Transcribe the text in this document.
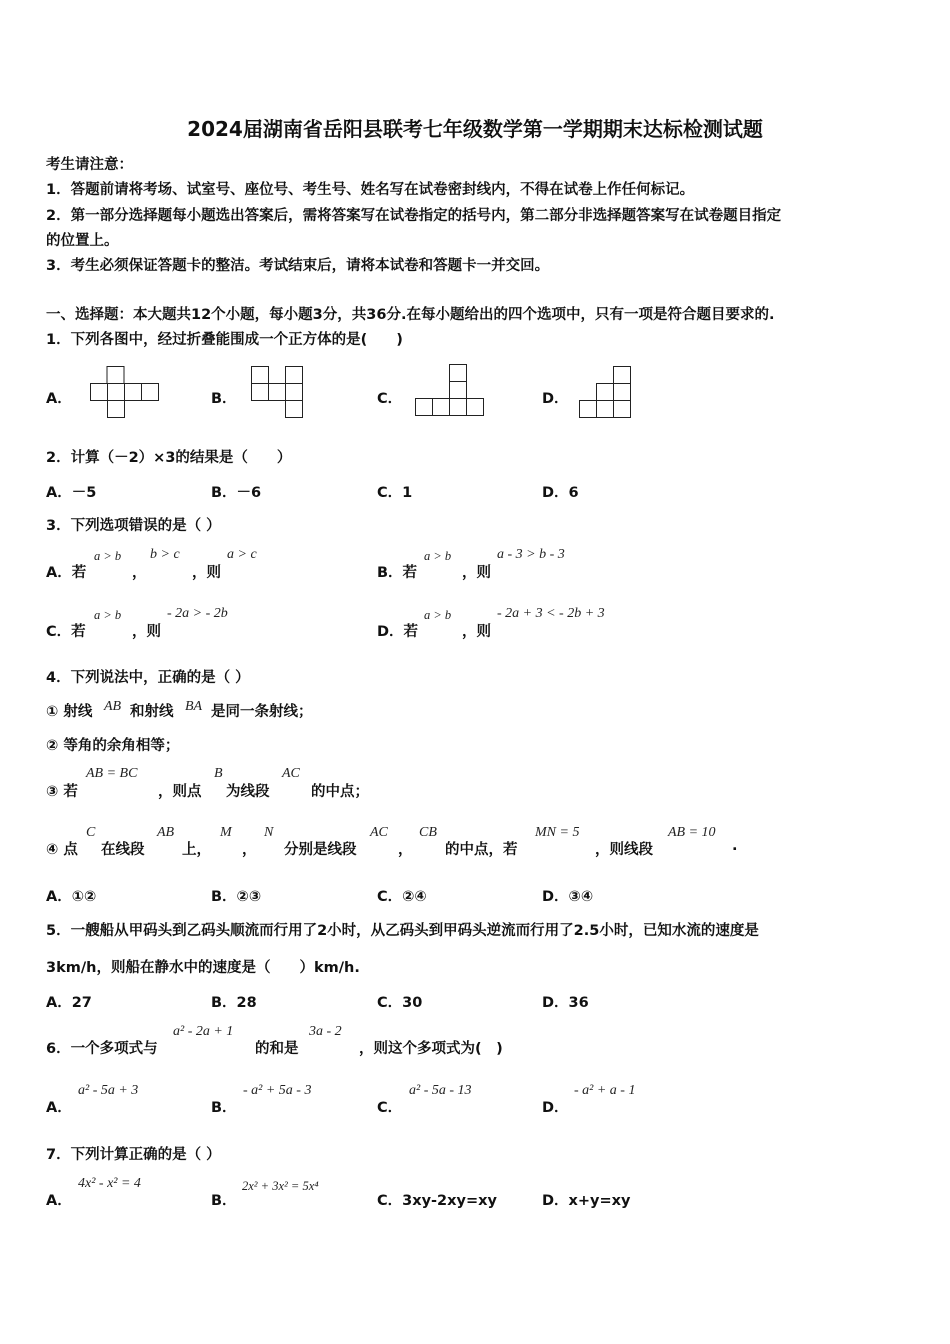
2024届湖南省岳阳县联考七年级数学第一学期期末达标检测试题
考生请注意：
1．答题前请将考场、试室号、座位号、考生号、姓名写在试卷密封线内，不得在试卷上作任何标记。
2．第一部分选择题每小题选出答案后，需将答案写在试卷指定的括号内，第二部分非选择题答案写在试卷题目指定
的位置上。
3．考生必须保证答题卡的整洁。考试结束后，请将本试卷和答题卡一并交回。
一、选择题：本大题共12个小题，每小题3分，共36分.在每小题给出的四个选项中，只有一项是符合题目要求的.
1．下列各图中，经过折叠能围成一个正方体的是(　　)
A．	B．	C．	D．
2．计算（－2）×3的结果是（　　）
A．－5	B．－6	C．1	D．6
3．下列选项错误的是（ ）
A．若
a > b
，
b > c
，则
a > c
B．若
a > b
，则
a - 3 > b - 3
C．若
a > b
，则
- 2a > - 2b
D．若
a > b
，则
- 2a + 3 < - 2b + 3
4．下列说法中，正确的是（ ）
① 射线 AB 和射线 BA 是同一条射线；
② 等角的余角相等；
③ 若
AB = BC
，则点
B
为线段
AC
的中点；
④ 点
C
在线段
AB
上，
M
，
N
分别是线段
AC
，
CB
的中点，若
MN = 5
，则线段
AB = 10
.
A．①②	B．②③	C．②④	D．③④
5．一艘船从甲码头到乙码头顺流而行用了2小时，从乙码头到甲码头逆流而行用了2.5小时，已知水流的速度是
3km/h，则船在静水中的速度是（　　）km/h.
A．27	B．28	C．30	D．36
6．一个多项式与
a² - 2a + 1
的和是
3a - 2
，则这个多项式为(　)
A．
a² - 5a + 3
B．
- a² + 5a - 3
C．
a² - 5a - 13
D．
- a² + a - 1
7．下列计算正确的是（ ）
A．
4x² - x² = 4
B．
2x² + 3x² = 5x⁴
C．3xy-2xy=xy	D．x+y=xy
